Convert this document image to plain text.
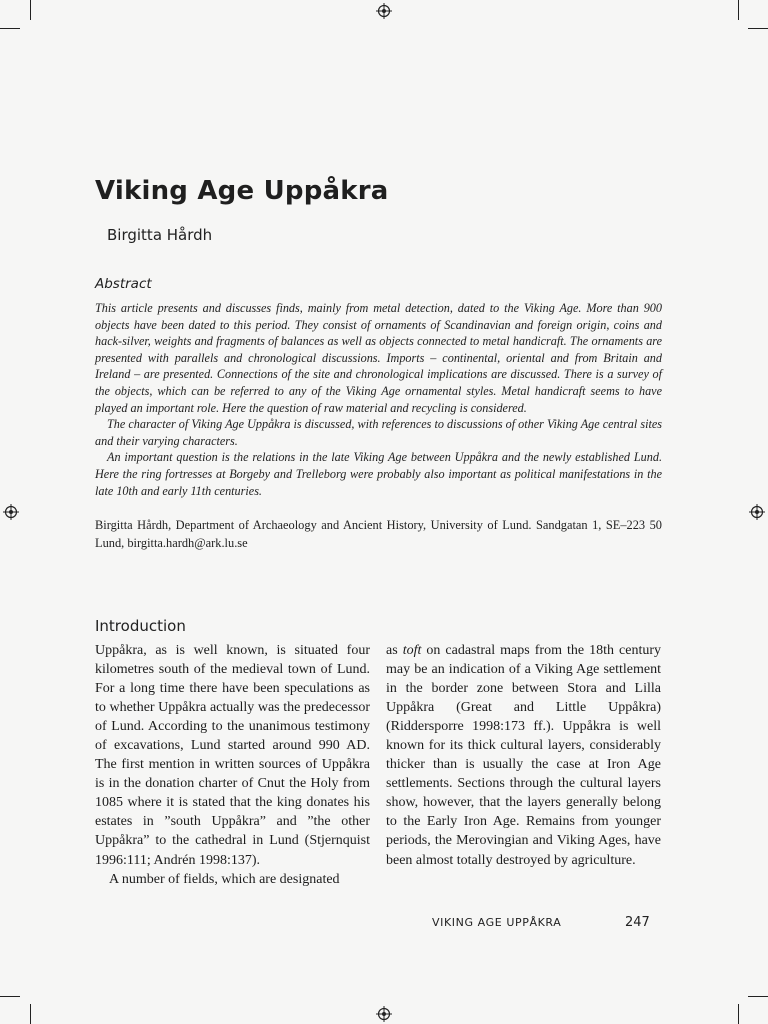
Viking Age Uppåkra

Birgitta Hårdh

Abstract

This article presents and discusses finds, mainly from metal detection, dated to the Viking Age. More than 900 objects have been dated to this period. They consist of ornaments of Scandinavian and foreign origin, coins and hack-silver, weights and fragments of balances as well as objects connected to metal handicraft. The ornaments are presented with parallels and chronological discussions. Imports – continental, oriental and from Britain and Ireland – are presented. Connections of the site and chronological implications are discussed. There is a survey of the objects, which can be referred to any of the Viking Age ornamental styles. Metal handicraft seems to have played an important role. Here the question of raw material and recycling is considered.

The character of Viking Age Uppåkra is discussed, with references to discussions of other Viking Age central sites and their varying characters.

An important question is the relations in the late Viking Age between Uppåkra and the newly established Lund. Here the ring fortresses at Borgeby and Trelleborg were probably also important as political manifestations in the late 10th and early 11th centuries.

Birgitta Hårdh, Department of Archaeology and Ancient History, University of Lund. Sandgatan 1, SE–223 50 Lund, birgitta.hardh@ark.lu.se

Introduction

Uppåkra, as is well known, is situated four kilometres south of the medieval town of Lund. For a long time there have been speculations as to whether Uppåkra actually was the predecessor of Lund. According to the unanimous testimony of excavations, Lund started around 990 AD. The first mention in written sources of Uppåkra is in the donation charter of Cnut the Holy from 1085 where it is stated that the king donates his estates in ”south Uppåkra” and ”the other Uppåkra” to the cathedral in Lund (Stjernquist 1996:111; Andrén 1998:137).

A number of fields, which are designated

as toft on cadastral maps from the 18th century may be an indication of a Viking Age settlement in the border zone between Stora and Lilla Uppåkra (Great and Little Uppåkra) (Riddersporre 1998:173 ff.). Uppåkra is well known for its thick cultural layers, considerably thicker than is usually the case at Iron Age settlements. Sections through the cultural layers show, however, that the layers generally belong to the Early Iron Age. Remains from younger periods, the Merovingian and Viking Ages, have been almost totally destroyed by agriculture.

VIKING AGE UPPÅKRA	247
